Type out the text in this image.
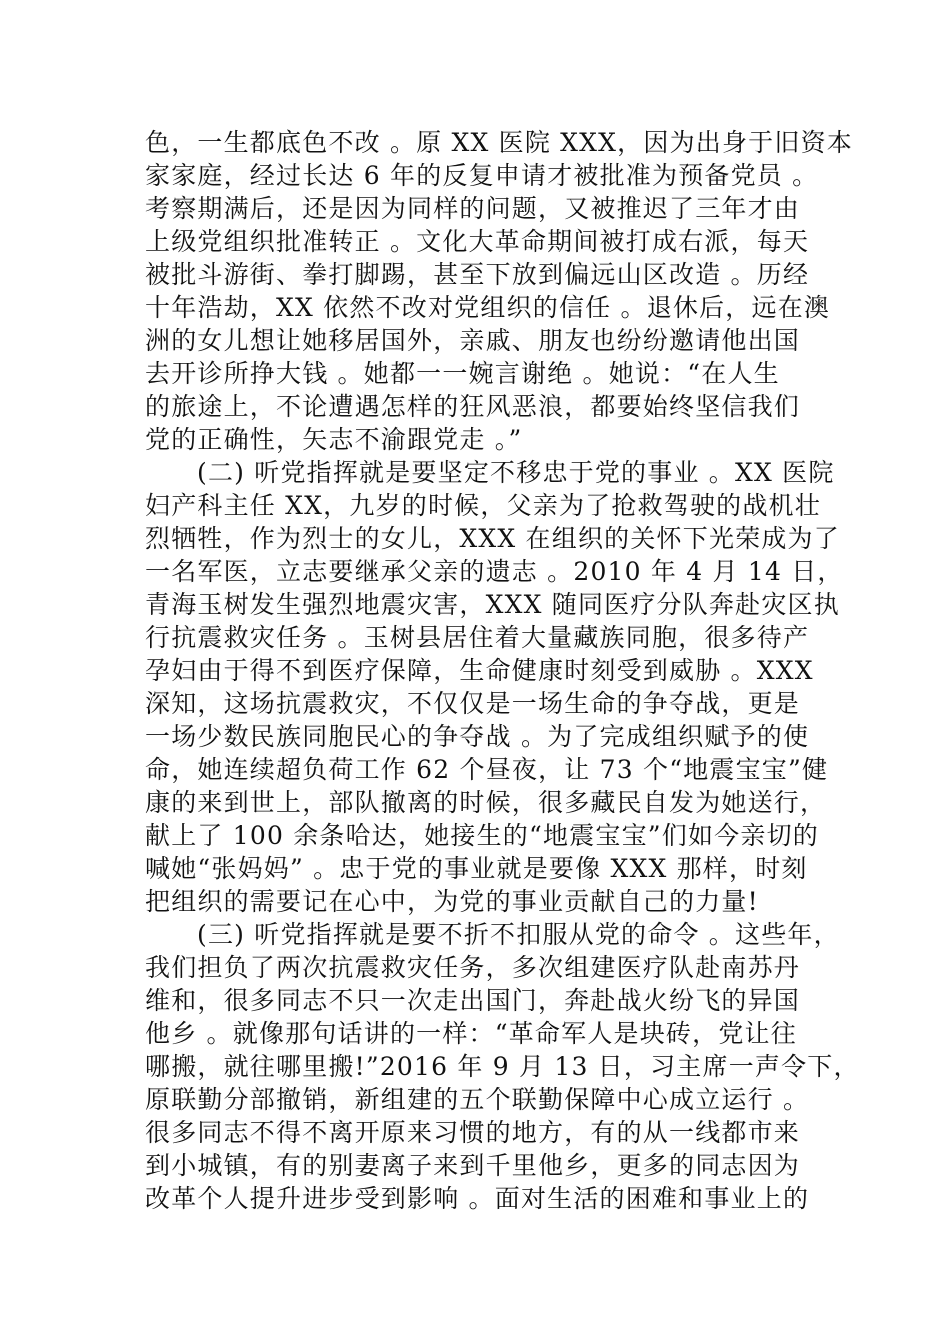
色，一生都底色不改 。原 XX 医院 XXX，因为出身于旧资本
家家庭，经过长达 6 年的反复申请才被批准为预备党员 。
考察期满后，还是因为同样的问题，又被推迟了三年才由
上级党组织批准转正 。文化大革命期间被打成右派，每天
被批斗游街、拳打脚踢，甚至下放到偏远山区改造 。历经
十年浩劫，XX 依然不改对党组织的信任 。退休后，远在澳
洲的女儿想让她移居国外，亲戚、朋友也纷纷邀请他出国
去开诊所挣大钱 。她都一一婉言谢绝 。她说：“在人生
的旅途上，不论遭遇怎样的狂风恶浪，都要始终坚信我们
党的正确性，矢志不渝跟党走 。”
(二) 听党指挥就是要坚定不移忠于党的事业 。XX 医院
妇产科主任 XX，九岁的时候，父亲为了抢救驾驶的战机壮
烈牺牲，作为烈士的女儿，XXX 在组织的关怀下光荣成为了
一名军医，立志要继承父亲的遗志 。2010 年 4 月 14 日，
青海玉树发生强烈地震灾害，XXX 随同医疗分队奔赴灾区执
行抗震救灾任务 。玉树县居住着大量藏族同胞，很多待产
孕妇由于得不到医疗保障，生命健康时刻受到威胁 。XXX
深知，这场抗震救灾，不仅仅是一场生命的争夺战，更是
一场少数民族同胞民心的争夺战 。为了完成组织赋予的使
命，她连续超负荷工作 62 个昼夜，让 73 个“地震宝宝”健
康的来到世上，部队撤离的时候，很多藏民自发为她送行，
献上了 100 余条哈达，她接生的“地震宝宝”们如今亲切的
喊她“张妈妈” 。忠于党的事业就是要像 XXX 那样，时刻
把组织的需要记在心中，为党的事业贡献自己的力量!
(三) 听党指挥就是要不折不扣服从党的命令 。这些年，
我们担负了两次抗震救灾任务，多次组建医疗队赴南苏丹
维和，很多同志不只一次走出国门，奔赴战火纷飞的异国
他乡 。就像那句话讲的一样：“革命军人是块砖，党让往
哪搬，就往哪里搬!”2016 年 9 月 13 日，习主席一声令下，
原联勤分部撤销，新组建的五个联勤保障中心成立运行 。
很多同志不得不离开原来习惯的地方，有的从一线都市来
到小城镇，有的别妻离子来到千里他乡，更多的同志因为
改革个人提升进步受到影响 。面对生活的困难和事业上的
